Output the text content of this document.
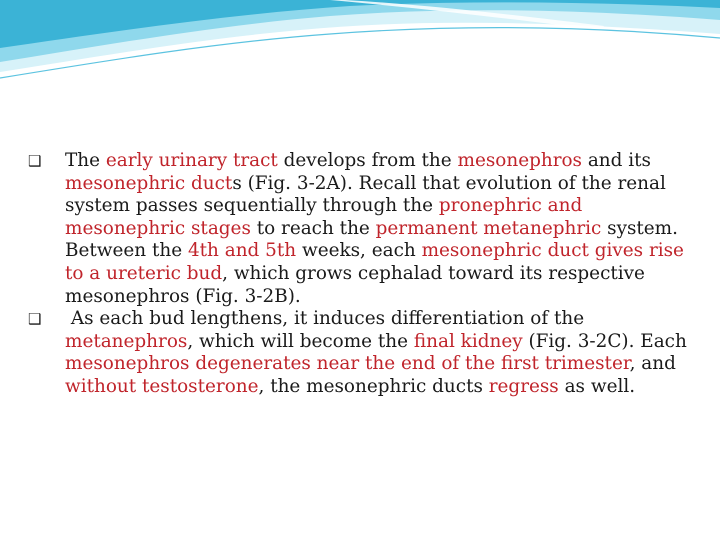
❑ The early urinary tract develops from the mesonephros and its mesonephric ducts (Fig. 3-2A). Recall that evolution of the renal system passes sequentially through the pronephric and mesonephric stages to reach the permanent metanephric system. Between the 4th and 5th weeks, each mesonephric duct gives rise to a ureteric bud, which grows cephalad toward its respective mesonephros (Fig. 3-2B).

❑ As each bud lengthens, it induces differentiation of the metanephros, which will become the final kidney (Fig. 3-2C). Each mesonephros degenerates near the end of the first trimester, and without testosterone, the mesonephric ducts regress as well.
